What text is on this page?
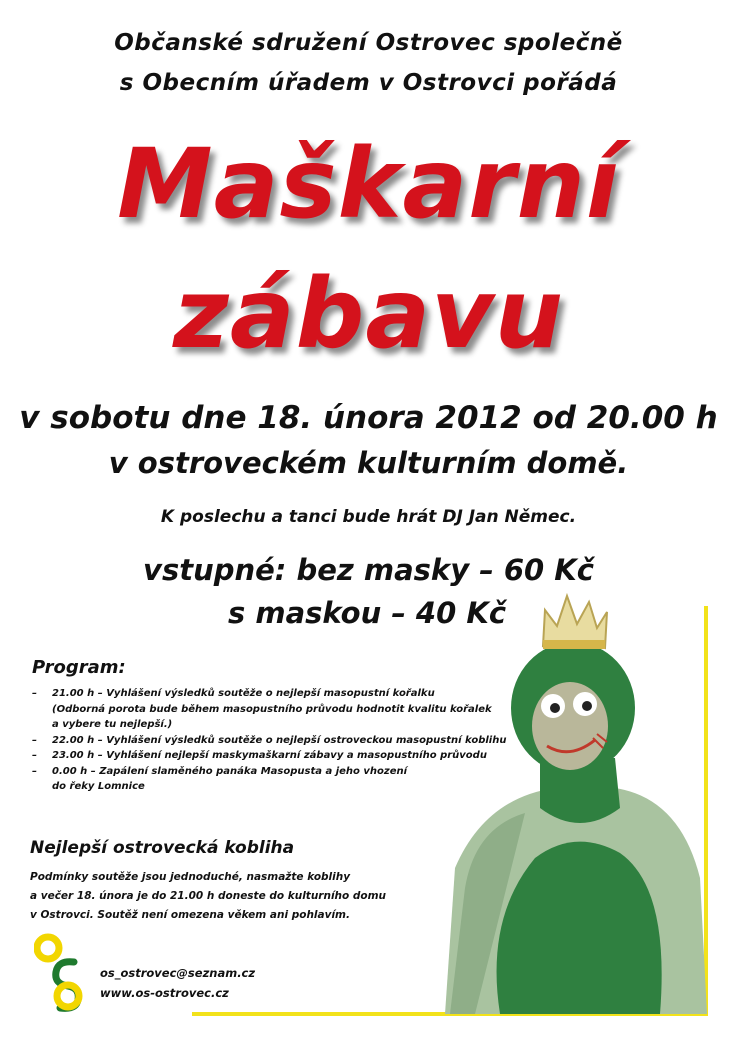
Občanské sdružení Ostrovec společně
s Obecním úřadem v Ostrovci pořádá
Maškarní
zábavu
v sobotu dne 18. února 2012 od 20.00 h
v ostroveckém kulturním domě.
K poslechu a tanci bude hrát DJ Jan Němec.
vstupné: bez masky – 60 Kč
s maskou – 40 Kč
Program:
– 21.00 h – Vyhlášení výsledků soutěže o nejlepší masopustní kořalku
(Odborná porota bude během masopustního průvodu hodnotit kvalitu kořalek
a vybere tu nejlepší.)
– 22.00 h – Vyhlášení výsledků soutěže o nejlepší ostroveckou masopustní koblihu
– 23.00 h – Vyhlášení nejlepší maskymaškarní zábavy a masopustního průvodu
– 0.00 h – Zapálení slaměného panáka Masopusta a jeho vhození
do řeky Lomnice
Nejlepší ostrovecká kobliha
Podmínky soutěže jsou jednoduché, nasmažte koblihy
a večer 18. února je do 21.00 h doneste do kulturního domu
v Ostrovci. Soutěž není omezena věkem ani pohlavím.
os_ostrovec@seznam.cz
www.os-ostrovec.cz
